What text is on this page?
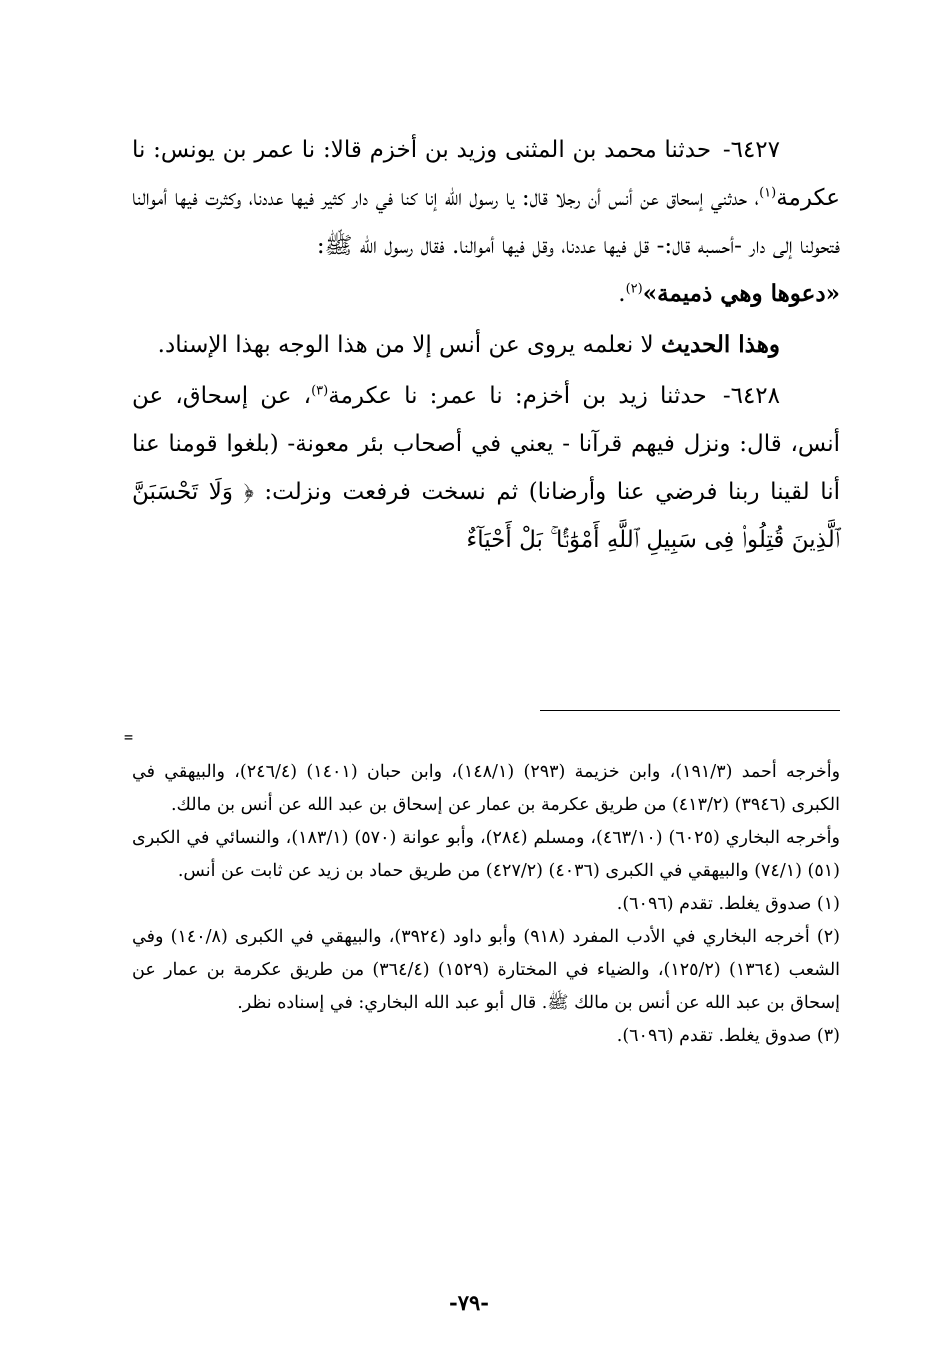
٦٤٢٧- حدثنا محمد بن المثنى وزيد بن أخزم قالا: نا عمر بن يونس: نا عكرمة$^{(١)}$، حدثني إسحاق عن أنس أن رجلا قال: يا رسول الله إنا كنا في دار كثير فيها عددنا، وكثرت فيها أموالنا فتحولنا إلى دار -أحسبه قال:- قل فيها عددنا، وقل فيها أموالنا. فقال رسول الله ﷺ:
«دعوها وهي ذميمة»$^{(٢)}$.

وهذا الحديث لا نعلمه يروى عن أنس إلا من هذا الوجه بهذا الإسناد.

٦٤٢٨- حدثنا زيد بن أخزم: نا عمر: نا عكرمة$^{(٣)}$، عن إسحاق، عن أنس، قال: ونزل فيهم قرآنا - يعني في أصحاب بئر معونة- (بلغوا قومنا عنا أنا لقينا ربنا فرضي عنا وأرضانا) ثم نسخت فرفعت ونزلت: ﴿ وَلَا تَحْسَبَنَّ ٱلَّذِينَ قُتِلُوا۟ فِى سَبِيلِ ٱللَّهِ أَمْوَٰتًۢا ۚ بَلْ أَحْيَآءٌ

=

وأخرجه أحمد (١٩١/٣)، وابن خزيمة (٢٩٣) (١٤٨/١)، وابن حبان (١٤٠١) (٢٤٦/٤)، والبيهقي في الكبرى (٣٩٤٦) (٤١٣/٢) من طريق عكرمة بن عمار عن إسحاق بن عبد الله عن أنس بن مالك.

وأخرجه البخاري (٦٠٢٥) (٤٦٣/١٠)، ومسلم (٢٨٤)، وأبو عوانة (٥٧٠) (١٨٣/١)، والنسائي في الكبرى (٥١) (٧٤/١) والبيهقي في الكبرى (٤٠٣٦) (٤٢٧/٢) من طريق حماد بن زيد عن ثابت عن أنس.

(١) صدوق يغلط. تقدم (٦٠٩٦).

(٢) أخرجه البخاري في الأدب المفرد (٩١٨) وأبو داود (٣٩٢٤)، والبيهقي في الكبرى (١٤٠/٨) وفي الشعب (١٣٦٤) (١٢٥/٢)، والضياء في المختارة (١٥٢٩) (٣٦٤/٤) من طريق عكرمة بن عمار عن إسحاق بن عبد الله عن أنس بن مالك ﷺ. قال أبو عبد الله البخاري: في إسناده نظر.

(٣) صدوق يغلط. تقدم (٦٠٩٦).

-٧٩-
